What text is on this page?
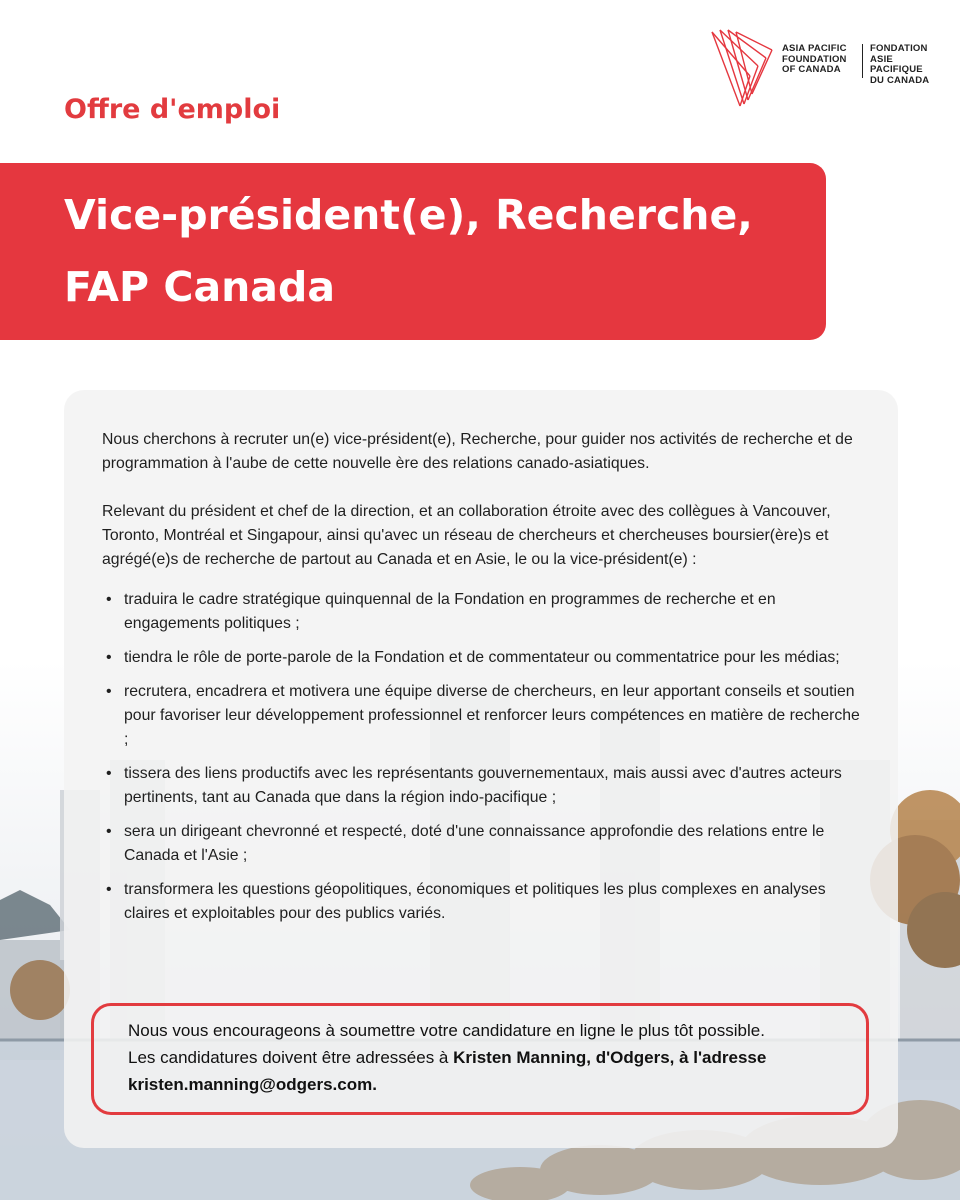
ASIA PACIFIC
FOUNDATION
OF CANADA
FONDATION
ASIE PACIFIQUE
DU CANADA
Offre d'emploi
Vice-président(e), Recherche,
FAP Canada

Nous cherchons à recruter un(e) vice-président(e), Recherche, pour guider nos activités de recherche et de programmation à l'aube de cette nouvelle ère des relations canado-asiatiques.

Relevant du président et chef de la direction, et an collaboration étroite avec des collègues à Vancouver, Toronto, Montréal et Singapour, ainsi qu'avec un réseau de chercheurs et chercheuses boursier(ère)s et agrégé(e)s de recherche de partout au Canada et en Asie, le ou la vice-président(e) :

• traduira le cadre stratégique quinquennal de la Fondation en programmes de recherche et en engagements politiques ;
• tiendra le rôle de porte-parole de la Fondation et de commentateur ou commentatrice pour les médias;
• recrutera, encadrera et motivera une équipe diverse de chercheurs, en leur apportant conseils et soutien pour favoriser leur développement professionnel et renforcer leurs compétences en matière de recherche ;
• tissera des liens productifs avec les représentants gouvernementaux, mais aussi avec d'autres acteurs pertinents, tant au Canada que dans la région indo-pacifique ;
• sera un dirigeant chevronné et respecté, doté d'une connaissance approfondie des relations entre le Canada et l'Asie ;
• transformera les questions géopolitiques, économiques et politiques les plus complexes en analyses claires et exploitables pour des publics variés.
Nous vous encourageons à soumettre votre candidature en ligne le plus tôt possible.
Les candidatures doivent être adressées à Kristen Manning, d'Odgers, à l'adresse
kristen.manning@odgers.com.
